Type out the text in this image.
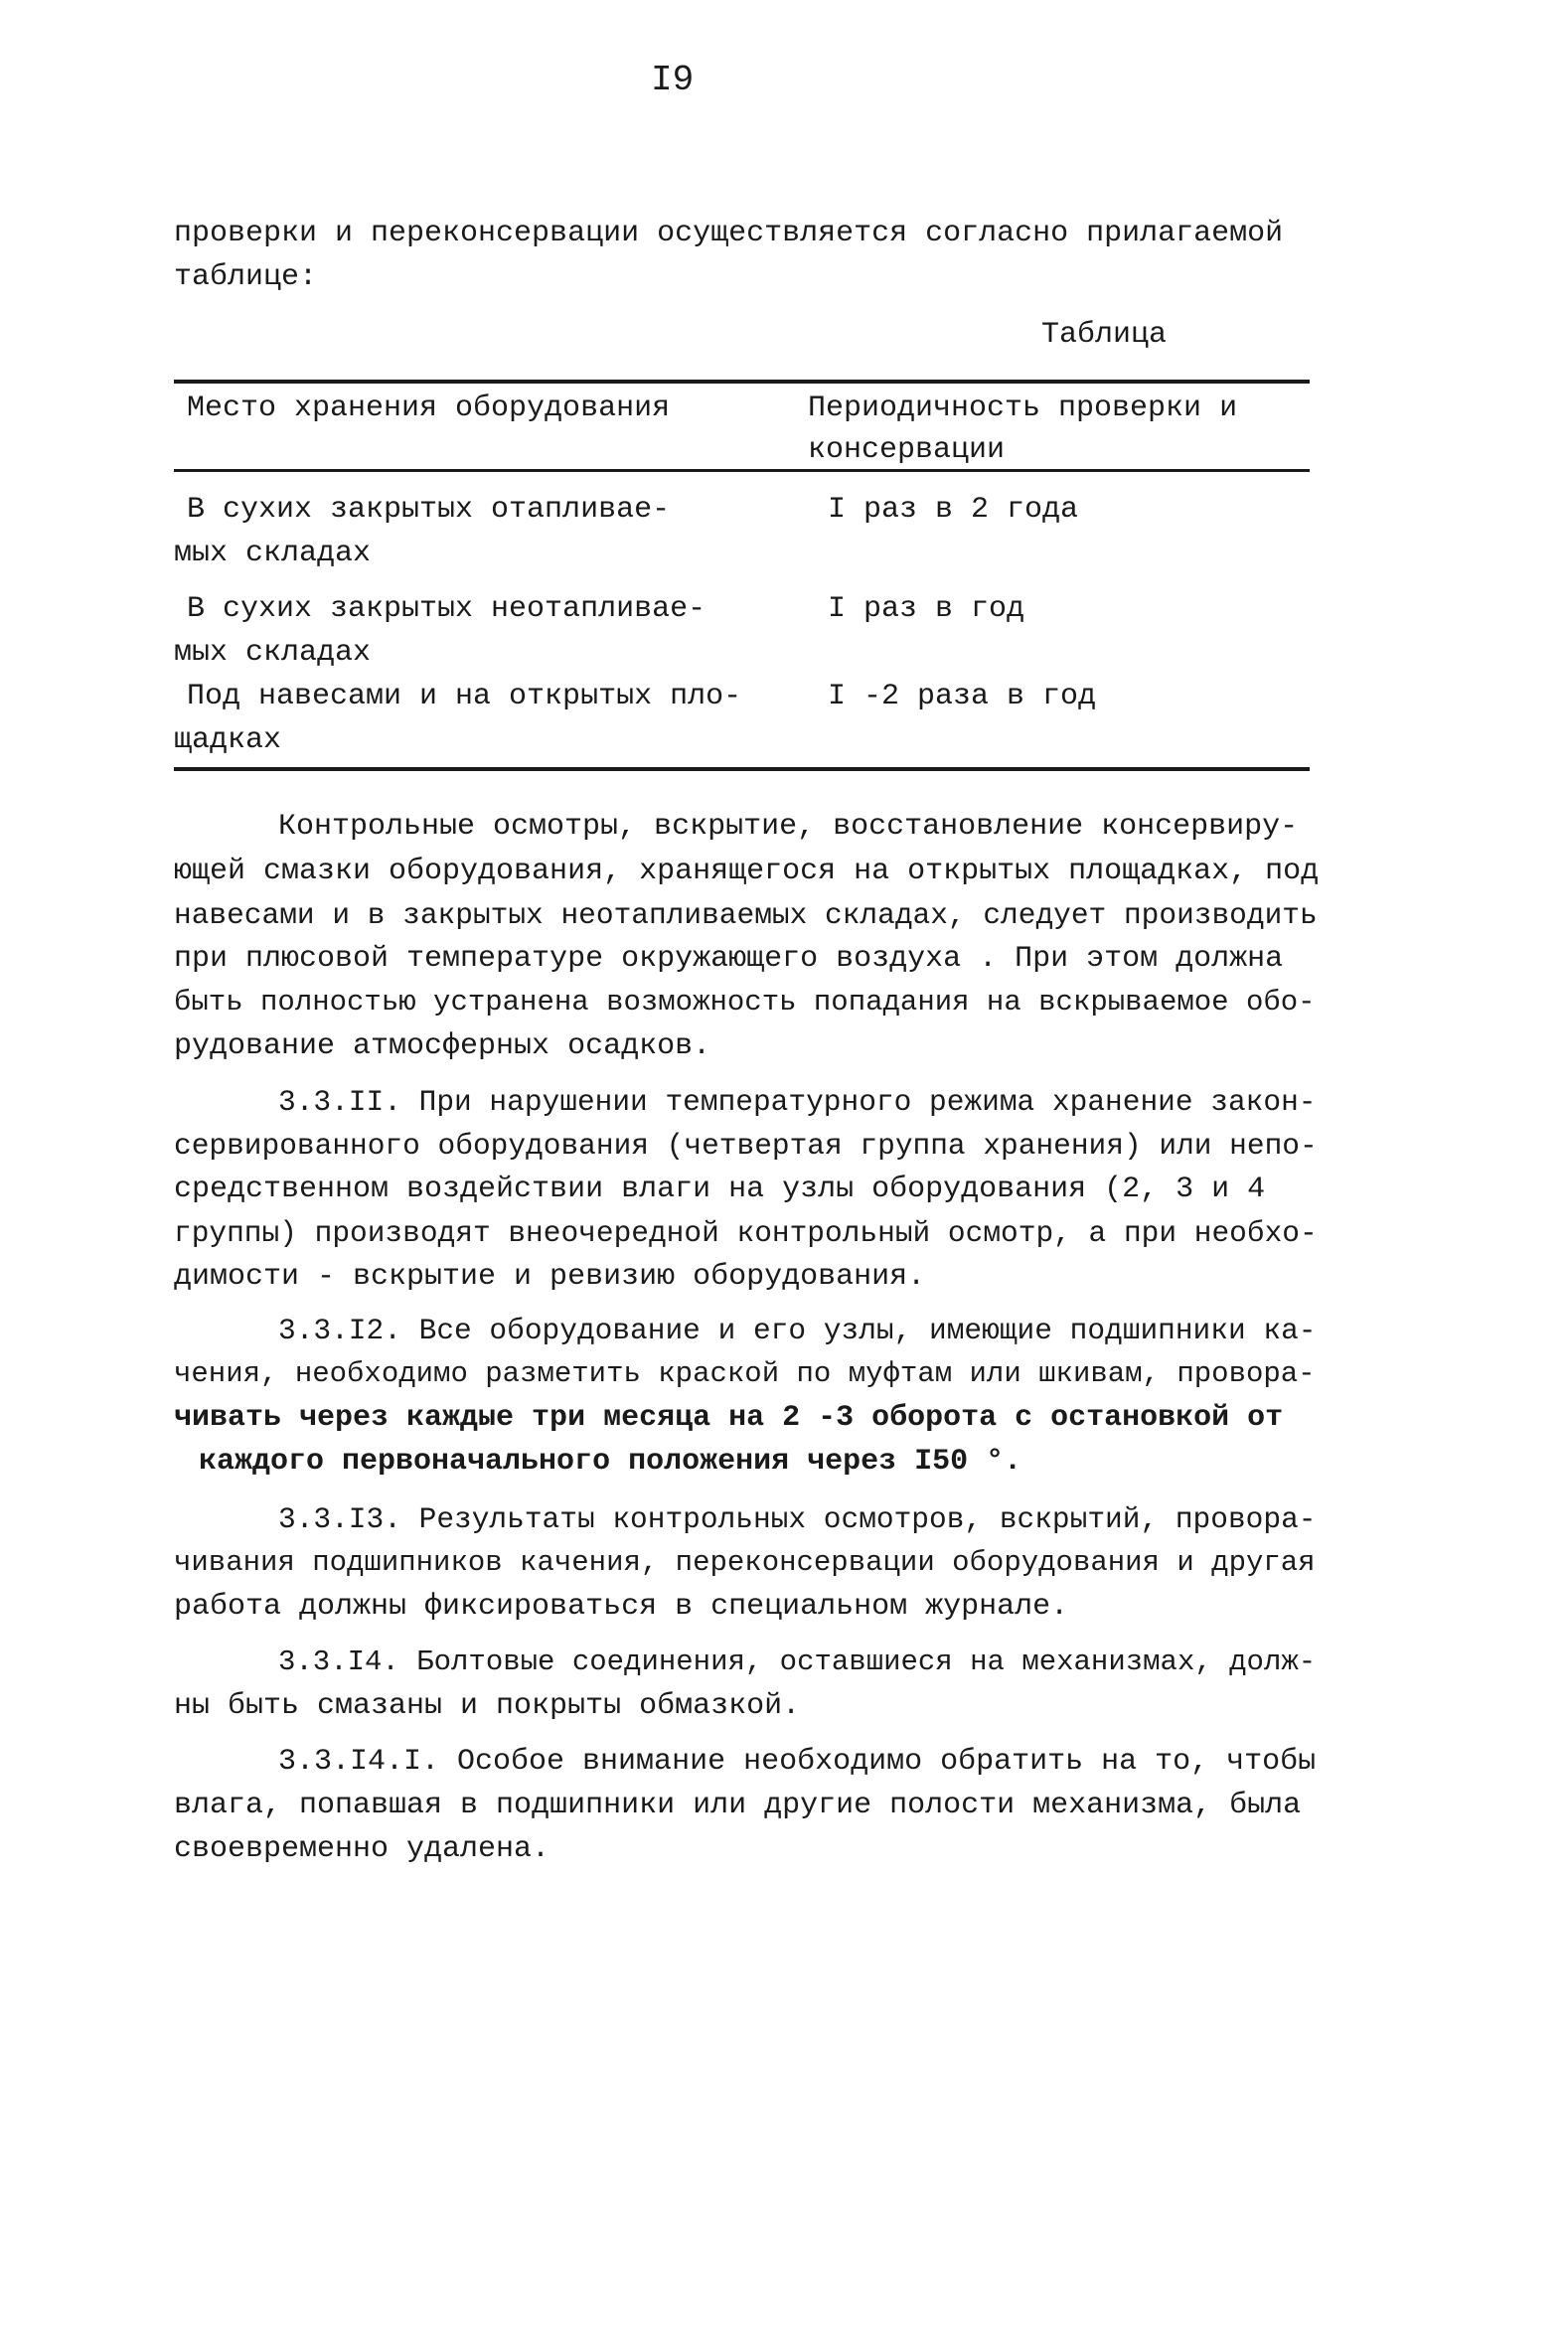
I9
проверки и переконсервации осуществляется согласно прилагаемой
таблице:
Таблица
Место хранения оборудования	Периодичность проверки и
консервации
В сухих закрытых отапливае-
мых складах
I раз в 2 года
В сухих закрытых неотапливае-
мых складах
I раз в год
Под навесами и на открытых пло-
щадках
I -2 раза в год
Контрольные осмотры, вскрытие, восстановление консервиру-
ющей смазки оборудования, хранящегося на открытых площадках, под
навесами и в закрытых неотапливаемых складах, следует производить
при плюсовой температуре окружающего воздуха . При этом должна
быть полностью устранена возможность попадания на вскрываемое обо-
рудование атмосферных осадков.
3.3.II. При нарушении температурного режима хранение закон-
сервированного оборудования (четвертая группа хранения) или непо-
средственном воздействии влаги на узлы оборудования (2, 3 и 4
группы) производят внеочередной контрольный осмотр, а при необхо-
димости - вскрытие и ревизию оборудования.
3.3.I2. Все оборудование и его узлы, имеющие подшипники ка-
чения, необходимо разметить краской по муфтам или шкивам, провора-
чивать через каждые три месяца на 2 -3 оборота с остановкой от
каждого первоначального положения через I50 °.
3.3.I3. Результаты контрольных осмотров, вскрытий, провора-
чивания подшипников качения, переконсервации оборудования и другая
работа должны фиксироваться в специальном журнале.
3.3.I4. Болтовые соединения, оставшиеся на механизмах, долж-
ны быть смазаны и покрыты обмазкой.
3.3.I4.I. Особое внимание необходимо обратить на то, чтобы
влага, попавшая в подшипники или другие полости механизма, была
своевременно удалена.
